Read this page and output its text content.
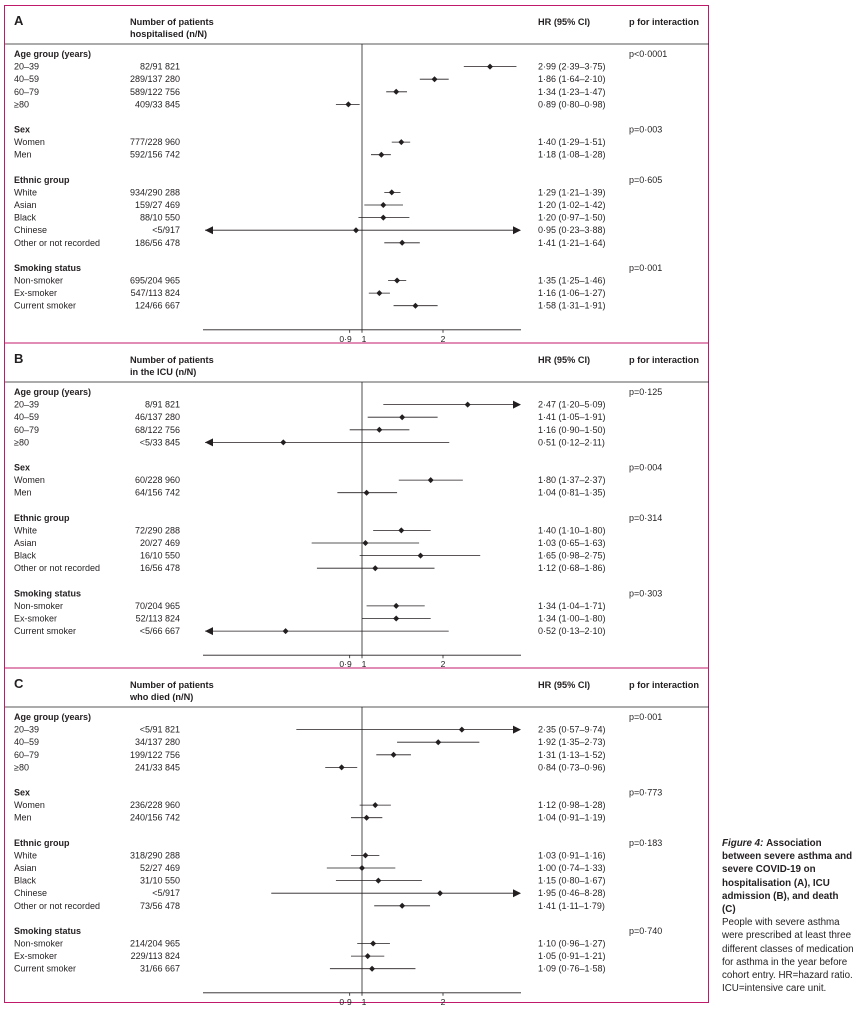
A	Number of patients
hospitalised (n/N)
HR (95% CI)	p for interaction
Age group (years)	p<0·0001
20–39	82/91 821	2·99 (2·39–3·75)
40–59	289/137 280	1·86 (1·64–2·10)
60–79	589/122 756	1·34 (1·23–1·47)
≥80	409/33 845	0·89 (0·80–0·98)
Sex	p=0·003
Women	777/228 960	1·40 (1·29–1·51)
Men	592/156 742	1·18 (1·08–1·28)
Ethnic group	p=0·605
White	934/290 288	1·29 (1·21–1·39)
Asian	159/27 469	1·20 (1·02–1·42)
Black	88/10 550	1·20 (0·97–1·50)
Chinese	<5/917	0·95 (0·23–3·88)
Other or not recorded	186/56 478	1·41 (1·21–1·64)
Smoking status	p=0·001
Non-smoker	695/204 965	1·35 (1·25–1·46)
Ex-smoker	547/113 824	1·16 (1·06–1·27)
Current smoker	124/66 667	1·58 (1·31–1·91)
0·9 1	2
B	Number of patients
in the ICU (n/N)
HR (95% CI)	p for interaction
Age group (years)	p=0·125
20–39	8/91 821	2·47 (1·20–5·09)
40–59	46/137 280	1·41 (1·05–1·91)
60–79	68/122 756	1·16 (0·90–1·50)
≥80	<5/33 845	0·51 (0·12–2·11)
Sex	p=0·004
Women	60/228 960	1·80 (1·37–2·37)
Men	64/156 742	1·04 (0·81–1·35)
Ethnic group	p=0·314
White	72/290 288	1·40 (1·10–1·80)
Asian	20/27 469	1·03 (0·65–1·63)
Black	16/10 550	1·65 (0·98–2·75)
Other or not recorded	16/56 478	1·12 (0·68–1·86)
Smoking status	p=0·303
Non-smoker	70/204 965	1·34 (1·04–1·71)
Ex-smoker	52/113 824	1·34 (1·00–1·80)
Current smoker	<5/66 667	0·52 (0·13–2·10)
0·9 1	2
C	Number of patients
who died (n/N)
HR (95% CI)	p for interaction
Age group (years)	p=0·001
20–39	<5/91 821	2·35 (0·57–9·74)
40–59	34/137 280	1·92 (1·35–2·73)
60–79	199/122 756	1·31 (1·13–1·52)
≥80	241/33 845	0·84 (0·73–0·96)
Sex	p=0·773
Women	236/228 960	1·12 (0·98–1·28)
Men	240/156 742	1·04 (0·91–1·19)
Ethnic group	p=0·183
White	318/290 288	1·03 (0·91–1·16)
Asian	52/27 469	1·00 (0·74–1·33)
Black	31/10 550	1·15 (0·80–1·67)
Chinese	<5/917	1·95 (0·46–8·28)
Other or not recorded	73/56 478	1·41 (1·11–1·79)
Smoking status	p=0·740
Non-smoker	214/204 965	1·10 (0·96–1·27)
Ex-smoker	229/113 824	1·05 (0·91–1·21)
Current smoker	31/66 667	1·09 (0·76–1·58)
0·9 1	2
Figure 4: Association between severe asthma and severe COVID-19 on hospitalisation (A), ICU admission (B), and death (C)
People with severe asthma were prescribed at least three different classes of medication for asthma in the year before cohort entry. HR=hazard ratio. ICU=intensive care unit.
